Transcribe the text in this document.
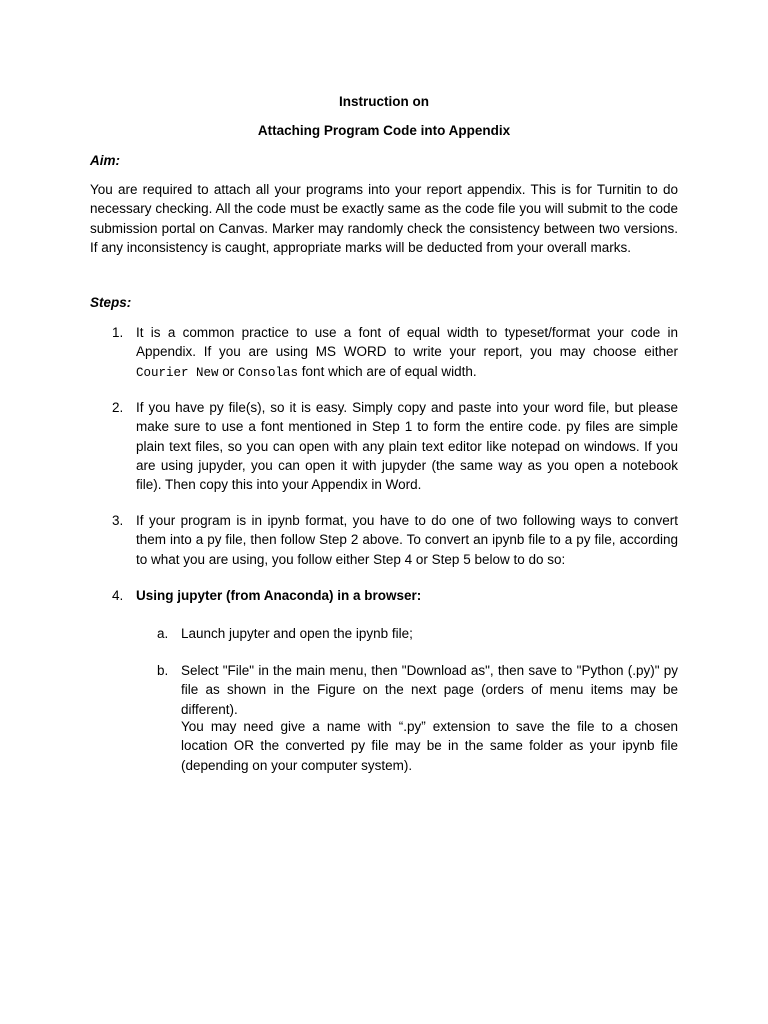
Instruction on
Attaching Program Code into Appendix
Aim:

You are required to attach all your programs into your report appendix. This is for Turnitin to do necessary checking. All the code must be exactly same as the code file you will submit to the code submission portal on Canvas. Marker may randomly check the consistency between two versions. If any inconsistency is caught, appropriate marks will be deducted from your overall marks.

Steps:
1. It is a common practice to use a font of equal width to typeset/format your code in Appendix. If you are using MS WORD to write your report, you may choose either Courier New or Consolas font which are of equal width.

2. If you have py file(s), so it is easy. Simply copy and paste into your word file, but please make sure to use a font mentioned in Step 1 to form the entire code. py files are simple plain text files, so you can open with any plain text editor like notepad on windows. If you are using jupyder, you can open it with jupyder (the same way as you open a notebook file). Then copy this into your Appendix in Word.

3. If your program is in ipynb format, you have to do one of two following ways to convert them into a py file, then follow Step 2 above. To convert an ipynb file to a py file, according to what you are using, you follow either Step 4 or Step 5 below to do so:

4. Using jupyter (from Anaconda) in a browser:

a. Launch jupyter and open the ipynb file;

b. Select "File" in the main menu, then "Download as", then save to "Python (.py)" py file as shown in the Figure on the next page (orders of menu items may be different).

You may need give a name with “.py” extension to save the file to a chosen location OR the converted py file may be in the same folder as your ipynb file (depending on your computer system).
